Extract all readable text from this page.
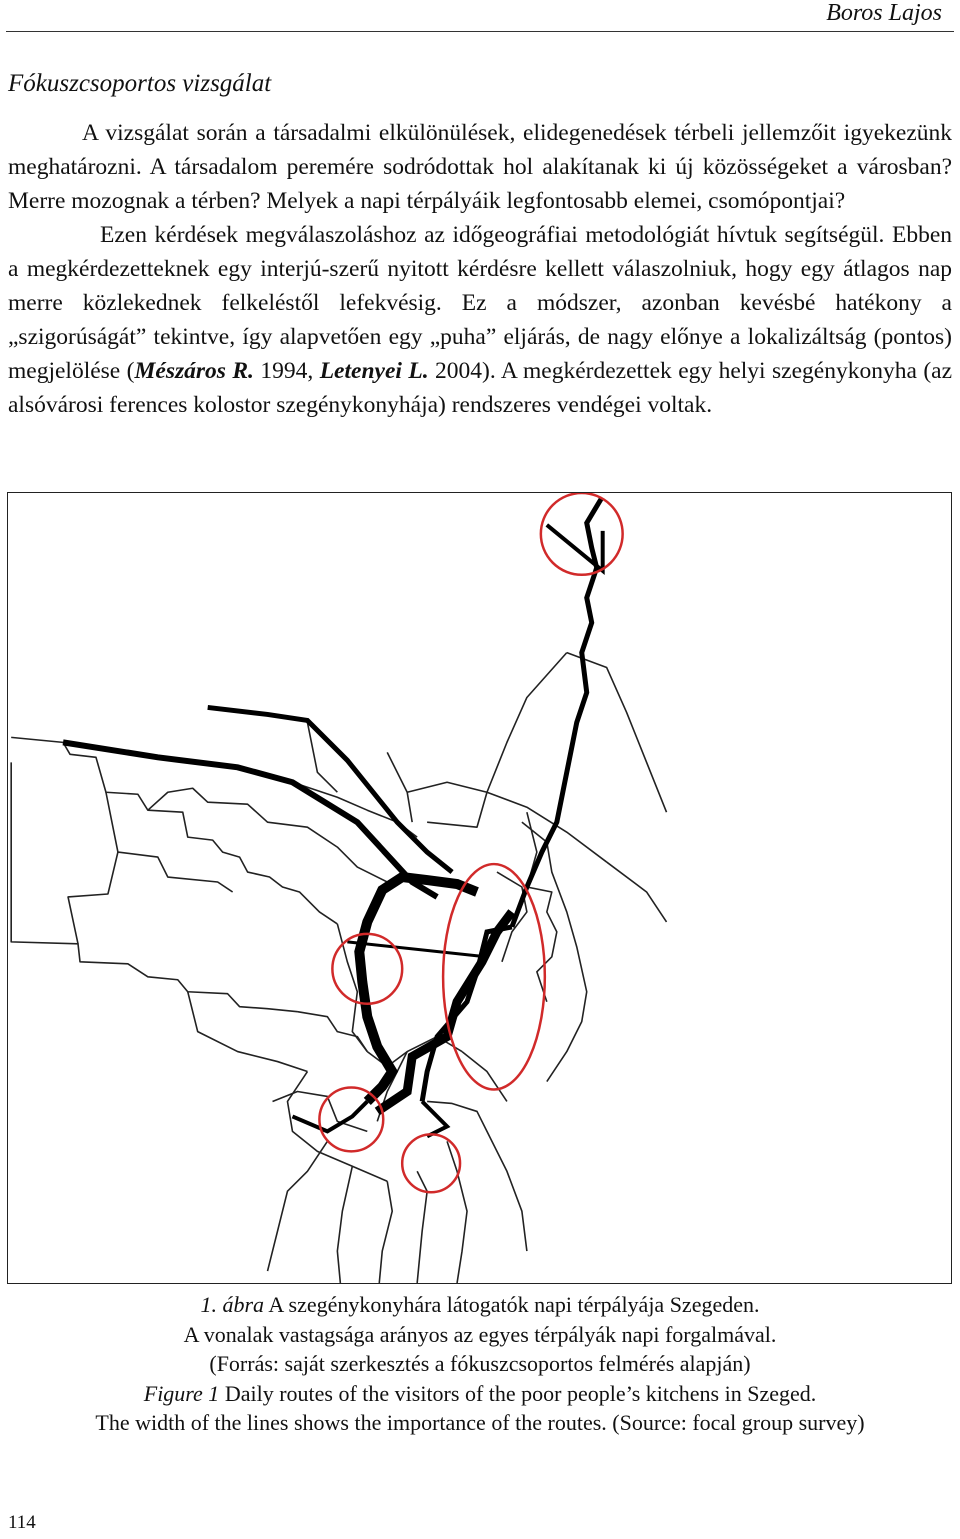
Boros Lajos
Fókuszcsoportos vizsgálat

A vizsgálat során a társadalmi elkülönülések, elidegenedések térbeli jellemzőit igyekezünk meghatározni. A társadalom peremére sodródottak hol alakítanak ki új közösségeket a városban? Merre mozognak a térben? Melyek a napi térpályáik legfontosabb elemei, csomópontjai?

Ezen kérdések megválaszoláshoz az időgeográfiai metodológiát hívtuk segítségül. Ebben a megkérdezetteknek egy interjú-szerű nyitott kérdésre kellett válaszolniuk, hogy egy átlagos nap merre közlekednek felkeléstől lefekvésig. Ez a módszer, azonban kevésbé hatékony a „szigorúságát” tekintve, így alapvetően egy „puha” eljárás, de nagy előnye a lokalizáltság (pontos) megjelölése (Mészáros R. 1994, Letenyei L. 2004). A megkérdezettek egy helyi szegénykonyha (az alsóvárosi ferences kolostor szegénykonyhája) rendszeres vendégei voltak.

1. ábra A szegénykonyhára látogatók napi térpályája Szegeden.
A vonalak vastagsága arányos az egyes térpályák napi forgalmával.
(Forrás: saját szerkesztés a fókuszcsoportos felmérés alapján)
Figure 1 Daily routes of the visitors of the poor people’s kitchens in Szeged.
The width of the lines shows the importance of the routes. (Source: focal group survey)
114
